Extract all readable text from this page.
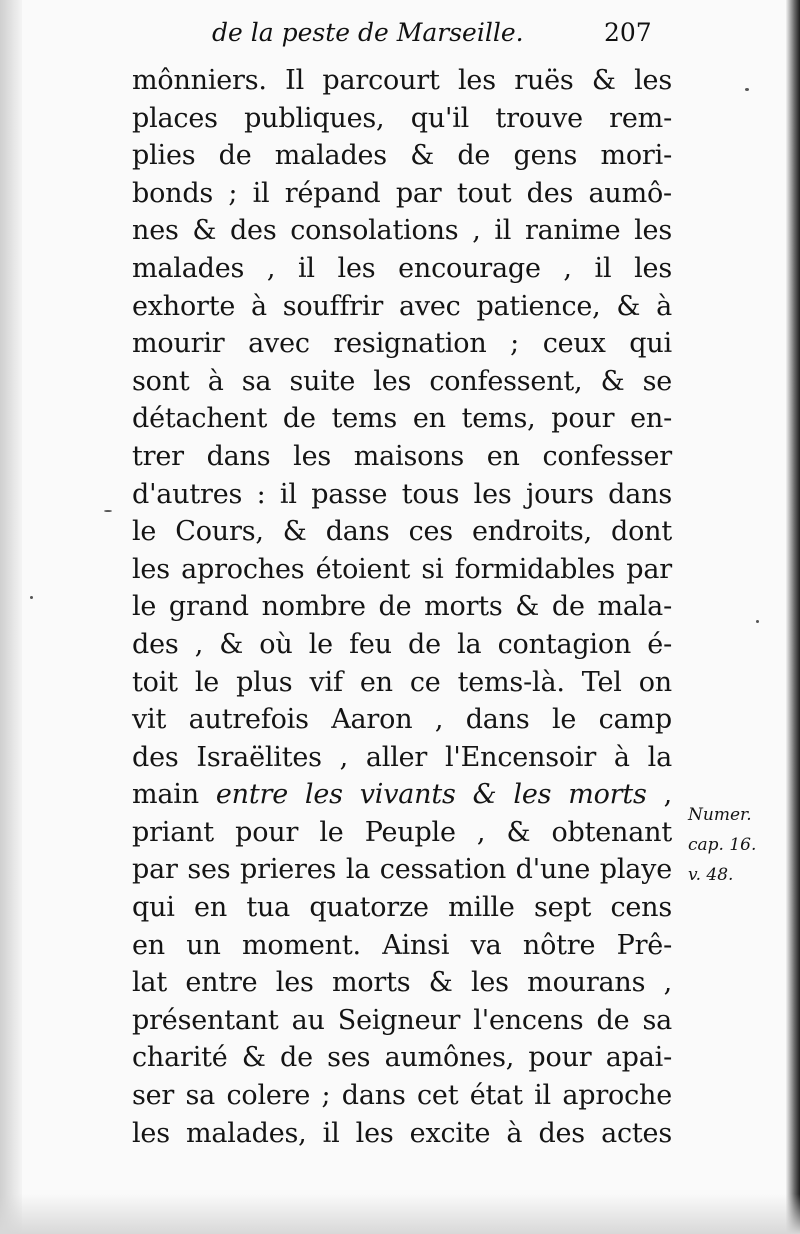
de la peste de Marseille.	207
mônniers. Il parcourt les ruës & les
places publiques, qu'il trouve rem-
plies de malades & de gens mori-
bonds ; il répand par tout des aumô-
nes & des consolations , il ranime les
malades , il les encourage , il les
exhorte à souffrir avec patience, & à
mourir avec resignation ; ceux qui
sont à sa suite les confessent, & se
détachent de tems en tems, pour en-
trer dans les maisons en confesser
d'autres : il passe tous les jours dans
le Cours, & dans ces endroits, dont
les aproches étoient si formidables par
le grand nombre de morts & de mala-
des , & où le feu de la contagion é-
toit le plus vif en ce tems-là. Tel on
vit autrefois Aaron , dans le camp
des Israëlites , aller l'Encensoir à la
main entre les vivants & les morts ,
priant pour le Peuple , & obtenant
par ses prieres la cessation d'une playe
qui en tua quatorze mille sept cens
en un moment. Ainsi va nôtre Prê-
lat entre les morts & les mourans ,
présentant au Seigneur l'encens de sa
charité & de ses aumônes, pour apai-
ser sa colere ; dans cet état il aproche
les malades, il les excite à des actes
Numer.
cap. 16.
v. 48.
